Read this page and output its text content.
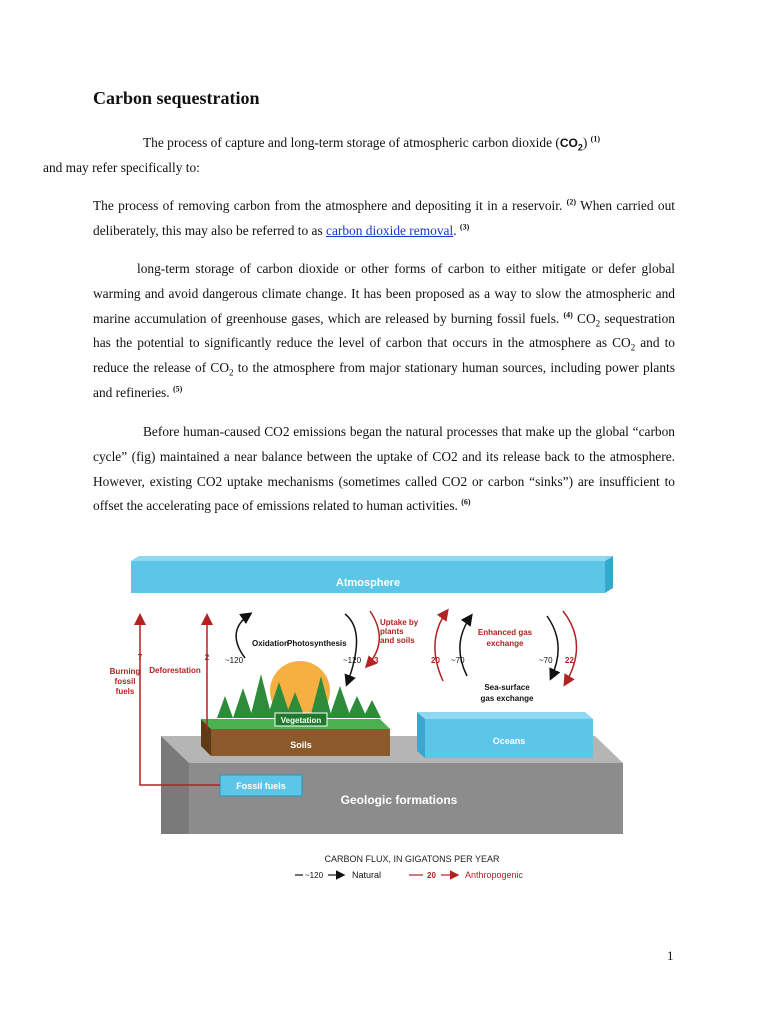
Carbon sequestration

The process of capture and long-term storage of atmospheric carbon dioxide $(CO_2)$ $^{(1)}$
and may refer specifically to:

The process of removing carbon from the atmosphere and depositing it in a reservoir. $^{(2)}$ When carried out deliberately, this may also be referred to as carbon dioxide removal. $^{(3)}$

long-term storage of carbon dioxide or other forms of carbon to either mitigate or defer global warming and avoid dangerous climate change. It has been proposed as a way to slow the atmospheric and marine accumulation of greenhouse gases, which are released by burning fossil fuels. $^{(4)}$ $CO_2$ sequestration has the potential to significantly reduce the level of carbon that occurs in the atmosphere as $CO_2$ and to reduce the release of $CO_2$ to the atmosphere from major stationary human sources, including power plants and refineries. $^{(5)}$

Before human-caused CO2 emissions began the natural processes that make up the global “carbon cycle” (fig) maintained a near balance between the uptake of CO2 and its release back to the atmosphere. However, existing CO2 uptake mechanisms (sometimes called CO2 or carbon “sinks”) are insufficient to offset the accelerating pace of emissions related to human activities. $^{(6)}$

Atmosphere
Geologic formations
Fossil fuels
Oceans
Soils
Vegetation
Oxidation
Photosynthesis
~120	~120
Uptake by
plants
and soils
3
Enhanced gas
exchange
20 ~70	~70 22
Sea-surface
gas exchange
7
Burning
fossil
fuels
2
Deforestation
CARBON FLUX, IN GIGATONS PER YEAR
~120	Natural	20	Anthropogenic
1
